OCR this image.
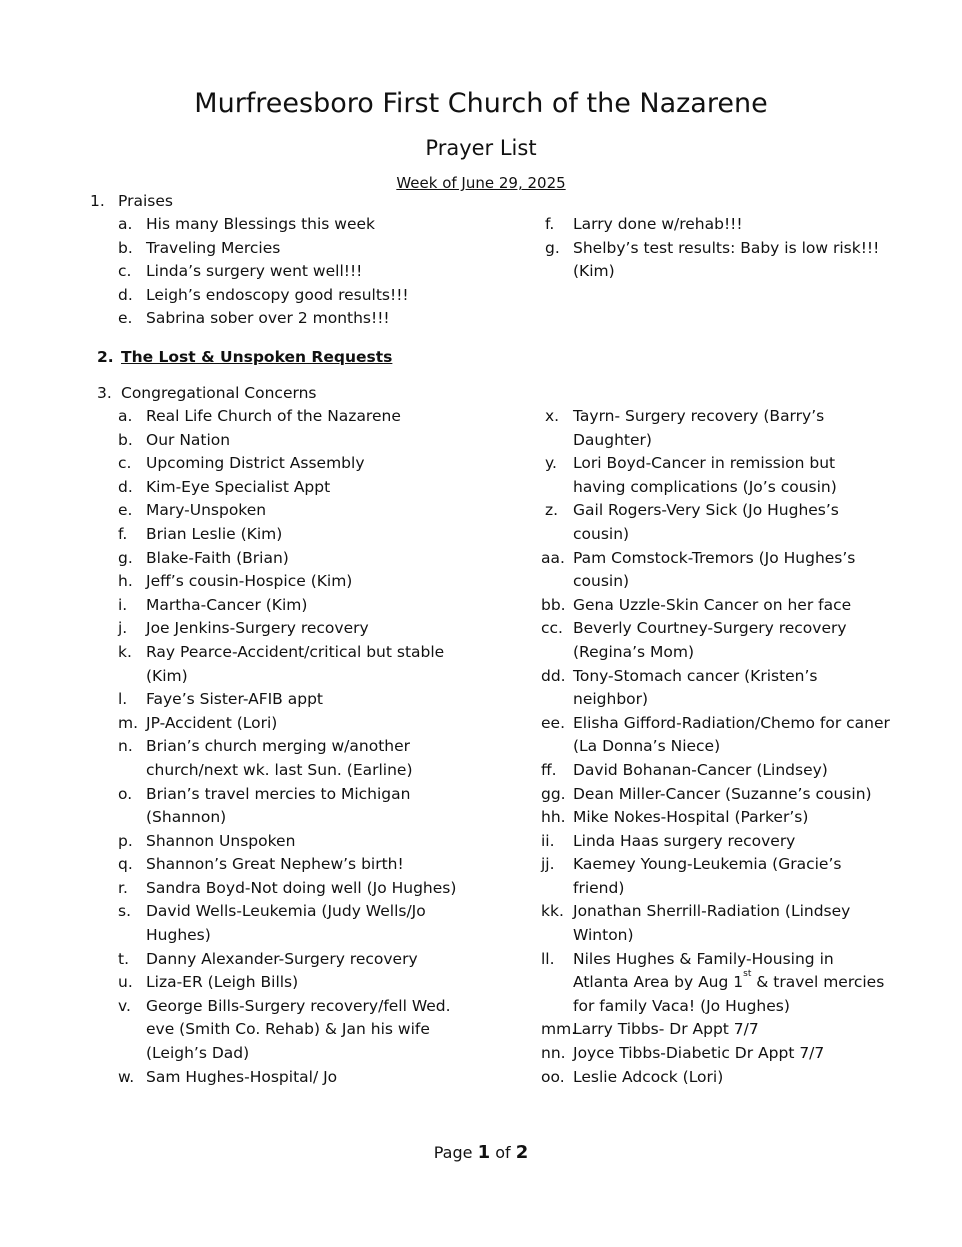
Murfreesboro First Church of the Nazarene
Prayer List
Week of June 29, 2025
1. Praises
a. His many Blessings this week
b. Traveling Mercies
c. Linda’s surgery went well!!!
d. Leigh’s endoscopy good results!!!
e. Sabrina sober over 2 months!!!
f. Larry done w/rehab!!!
g. Shelby’s test results: Baby is low risk!!! (Kim)
2. The Lost & Unspoken Requests
3. Congregational Concerns
a. Real Life Church of the Nazarene
b. Our Nation
c. Upcoming District Assembly
d. Kim-Eye Specialist Appt
e. Mary-Unspoken
f. Brian Leslie (Kim)
g. Blake-Faith (Brian)
h. Jeff’s cousin-Hospice (Kim)
i. Martha-Cancer (Kim)
j. Joe Jenkins-Surgery recovery
k. Ray Pearce-Accident/critical but stable (Kim)
l. Faye’s Sister-AFIB appt
m. JP-Accident (Lori)
n. Brian’s church merging w/another church/next wk. last Sun. (Earline)
o. Brian’s travel mercies to Michigan (Shannon)
p. Shannon Unspoken
q. Shannon’s Great Nephew’s birth!
r. Sandra Boyd-Not doing well (Jo Hughes)
s. David Wells-Leukemia (Judy Wells/Jo Hughes)
t. Danny Alexander-Surgery recovery
u. Liza-ER (Leigh Bills)
v. George Bills-Surgery recovery/fell Wed. eve (Smith Co. Rehab) & Jan his wife (Leigh’s Dad)
w. Sam Hughes-Hospital/ Jo
x. Tayrn- Surgery recovery (Barry’s Daughter)
y. Lori Boyd-Cancer in remission but having complications (Jo’s cousin)
z. Gail Rogers-Very Sick (Jo Hughes’s cousin)
aa. Pam Comstock-Tremors (Jo Hughes’s cousin)
bb. Gena Uzzle-Skin Cancer on her face
cc. Beverly Courtney-Surgery recovery (Regina’s Mom)
dd. Tony-Stomach cancer (Kristen’s neighbor)
ee. Elisha Gifford-Radiation/Chemo for caner (La Donna’s Niece)
ff. David Bohanan-Cancer (Lindsey)
gg. Dean Miller-Cancer (Suzanne’s cousin)
hh. Mike Nokes-Hospital (Parker’s)
ii. Linda Haas surgery recovery
jj. Kaemey Young-Leukemia (Gracie’s friend)
kk. Jonathan Sherrill-Radiation (Lindsey Winton)
ll. Niles Hughes & Family-Housing in Atlanta Area by Aug 1st & travel mercies for family Vaca! (Jo Hughes)
mm.
Larry Tibbs- Dr Appt 7/7
nn. Joyce Tibbs-Diabetic Dr Appt 7/7
oo. Leslie Adcock (Lori)
Page 1 of 2
